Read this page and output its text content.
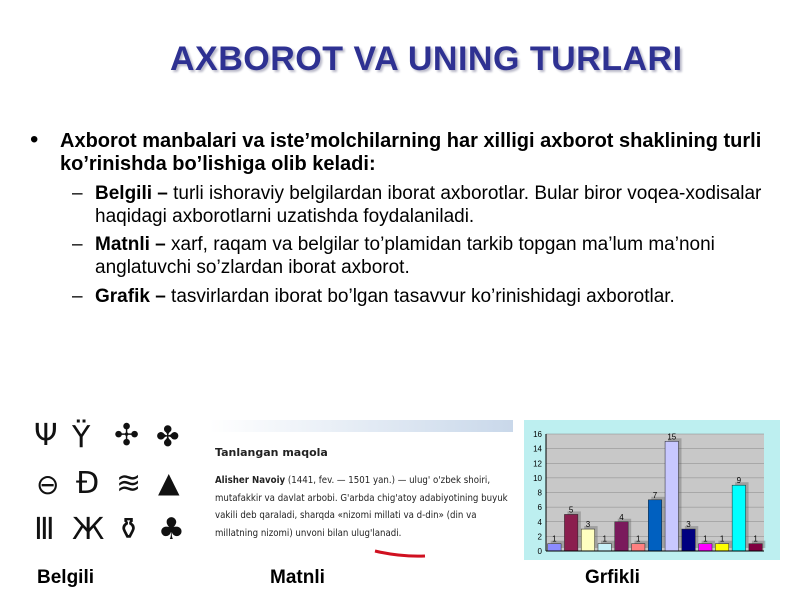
AXBOROT VA UNING TURLARI
• Axborot manbalari va iste’molchilarning har xilligi axborot shaklining turli ko’rinishda bo’lishiga olib keladi:
– Belgili – turli ishoraviy belgilardan iborat axborotlar. Bular biror voqea-xodisalar haqidagi axborotlarni uzatishda foydalaniladi.
– Matnli – xarf, raqam va belgilar to’plamidan tarkib topgan ma’lum ma’noni anglatuvchi so’zlardan iborat axborot.
– Grafik – tasvirlardan iborat bo’lgan tasavvur ko’rinishidagi axborotlar.
Ψ Ϋ ✣ ✤
⊖ Ð ≋ ▲
Ⅲ Ж ⚱ ♣
Tanlangan maqola
Alisher Navoiy (1441, fev. — 1501 yan.) — ulug' o'zbek shoiri, mutafakkir va davlat arbobi. G'arbda chig'atoy adabiyotining buyuk vakili deb qaraladi, sharqda «nizomi millati va d-din» (din va millatning nizomi) unvoni bilan ulug'lanadi.
0
2
4
6
8
10
12
14
16
1
5
3
1
4
1
7
15
3
1 1
9
1
Belgili	Matnli	Grfikli
